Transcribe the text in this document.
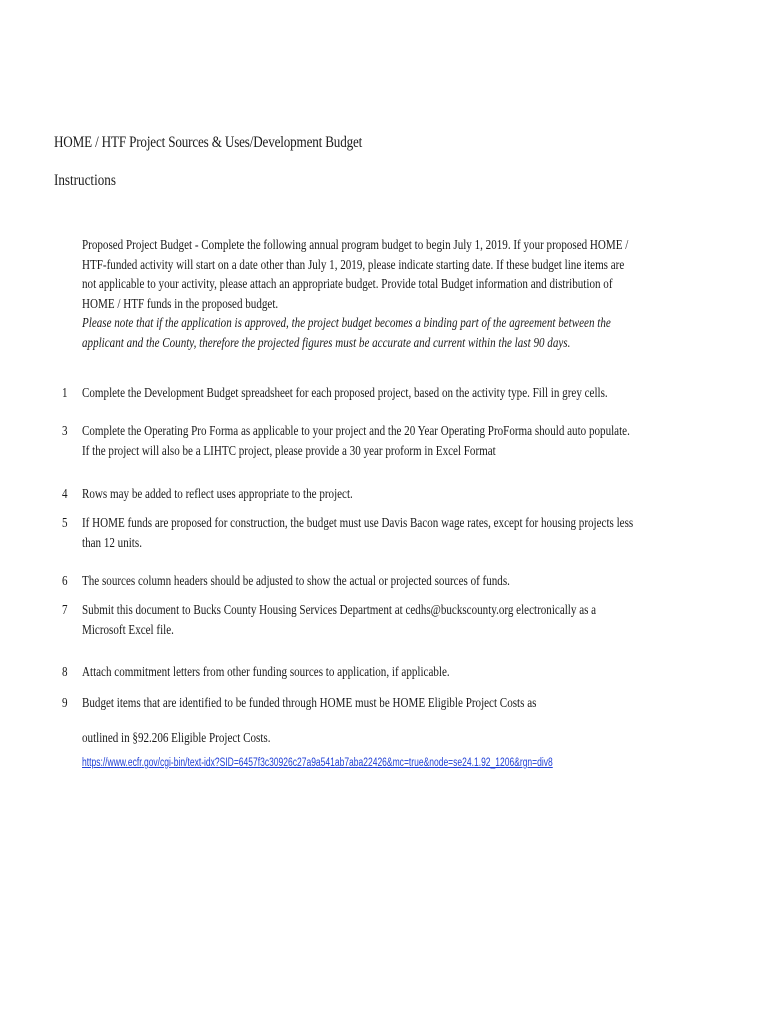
HOME / HTF Project Sources & Uses/Development Budget
Instructions
Proposed Project Budget - Complete the following annual program budget to begin July 1, 2019. If your proposed HOME /
HTF-funded activity will start on a date other than July 1, 2019, please indicate starting date. If these budget line items are
not applicable to your activity, please attach an appropriate budget. Provide total Budget information and distribution of
HOME / HTF funds in the proposed budget.
Please note that if the application is approved, the project budget becomes a binding part of the agreement between the
applicant and the County, therefore the projected figures must be accurate and current within the last 90 days.
1 Complete the Development Budget spreadsheet for each proposed project, based on the activity type. Fill in grey cells.
3 Complete the Operating Pro Forma as applicable to your project and the 20 Year Operating ProForma should auto populate.
If the project will also be a LIHTC project, please provide a 30 year proform in Excel Format
4 Rows may be added to reflect uses appropriate to the project.
5 If HOME funds are proposed for construction, the budget must use Davis Bacon wage rates, except for housing projects less
than 12 units.
6 The sources column headers should be adjusted to show the actual or projected sources of funds.
7 Submit this document to Bucks County Housing Services Department at cedhs@buckscounty.org electronically as a
Microsoft Excel file.
8 Attach commitment letters from other funding sources to application, if applicable.
9 Budget items that are identified to be funded through HOME must be HOME Eligible Project Costs as
outlined in §92.206 Eligible Project Costs.
https://www.ecfr.gov/cgi-bin/text-idx?SID=6457f3c30926c27a9a541ab7aba22426&mc=true&node=se24.1.92_1206&rgn=div8
